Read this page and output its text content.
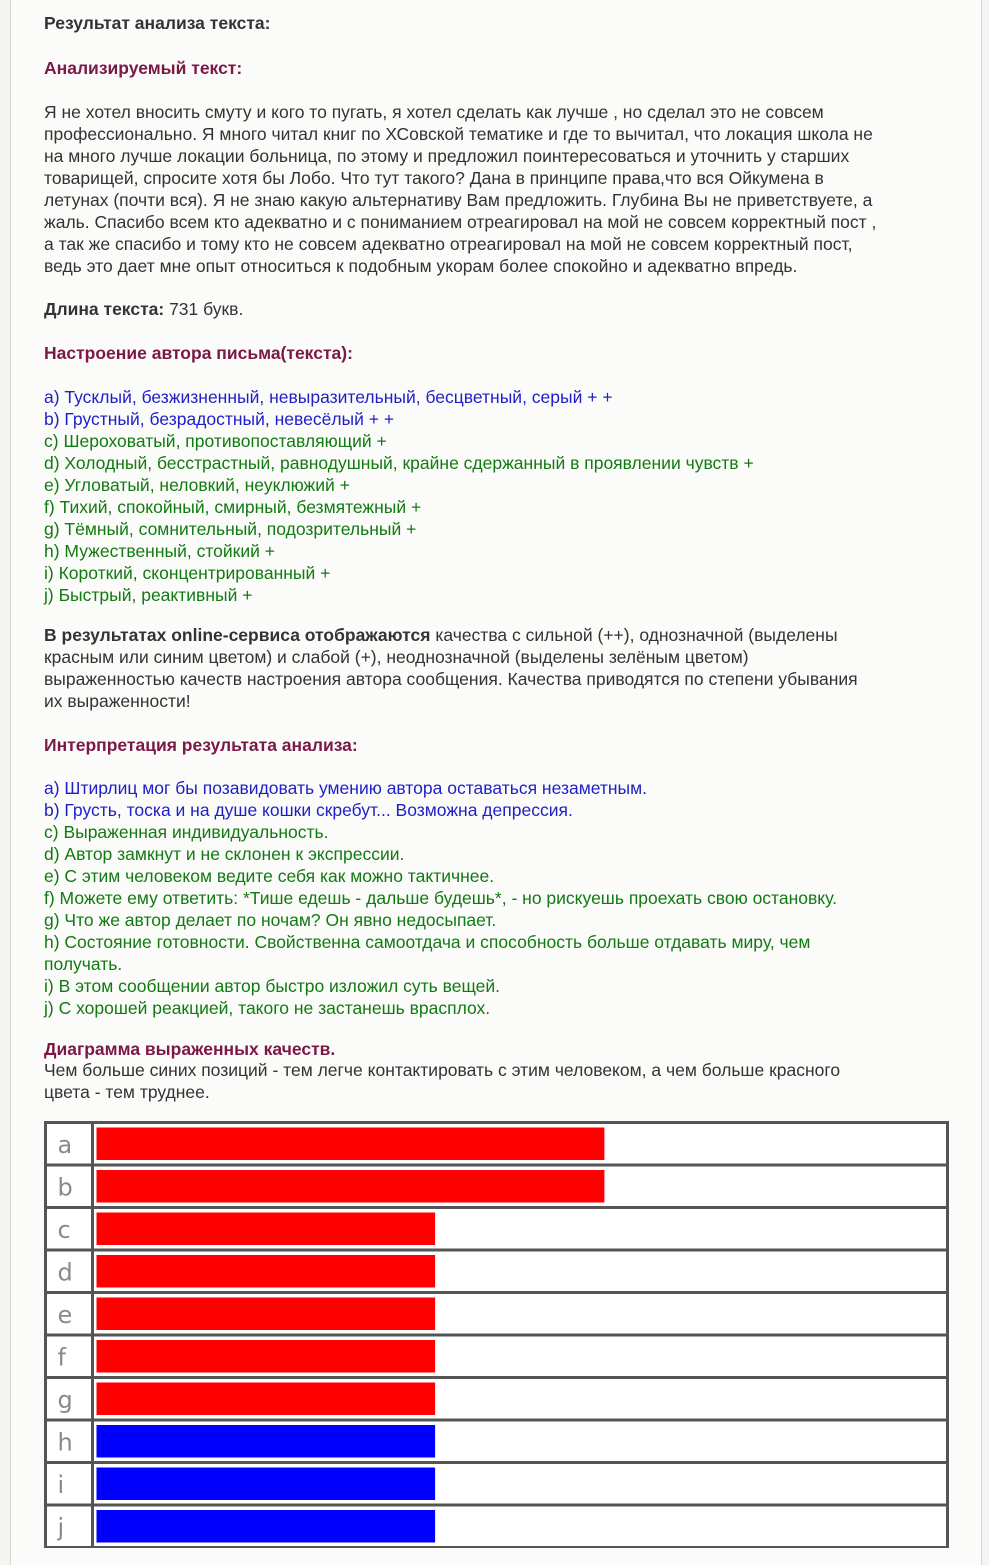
Результат анализа текста:
Анализируемый текст:
Я не хотел вносить смуту и кого то пугать, я хотел сделать как лучше , но сделал это не совсем
профессионально. Я много читал книг по ХСовской тематике и где то вычитал, что локация школа не
на много лучше локации больница, по этому и предложил поинтересоваться и уточнить у старших
товарищей, спросите хотя бы Лобо. Что тут такого? Дана в принципе права,что вся Ойкумена в
летунах (почти вся). Я не знаю какую альтернативу Вам предложить. Глубина Вы не приветствуете, а
жаль. Спасибо всем кто адекватно и с пониманием отреагировал на мой не совсем корректный пост ,
а так же спасибо и тому кто не совсем адекватно отреагировал на мой не совсем корректный пост,
ведь это дает мне опыт относиться к подобным укорам более спокойно и адекватно впредь.
Длина текста: 731 букв.
Настроение автора письма(текста):
a) Тусклый, безжизненный, невыразительный, бесцветный, серый + +
b) Грустный, безрадостный, невесёлый + +
c) Шероховатый, противопоставляющий +
d) Холодный, бесстрастный, равнодушный, крайне сдержанный в проявлении чувств +
e) Угловатый, неловкий, неуклюжий +
f) Тихий, спокойный, смирный, безмятежный +
g) Тёмный, сомнительный, подозрительный +
h) Мужественный, стойкий +
i) Короткий, сконцентрированный +
j) Быстрый, реактивный +
В результатах online-сервиса отображаются качества с сильной (++), однозначной (выделены
красным или синим цветом) и слабой (+), неоднозначной (выделены зелёным цветом)
выраженностью качеств настроения автора сообщения. Качества приводятся по степени убывания
их выраженности!
Интерпретация результата анализа:
a) Штирлиц мог бы позавидовать умению автора оставаться незаметным.
b) Грусть, тоска и на душе кошки скребут... Возможна депрессия.
c) Выраженная индивидуальность.
d) Автор замкнут и не склонен к экспрессии.
e) С этим человеком ведите себя как можно тактичнее.
f) Можете ему ответить: *Тише едешь - дальше будешь*, - но рискуешь проехать свою остановку.
g) Что же автор делает по ночам? Он явно недосыпает.
h) Состояние готовности. Свойственна самоотдача и способность больше отдавать миру, чем
получать.
i) В этом сообщении автор быстро изложил суть вещей.
j) С хорошей реакцией, такого не застанешь врасплох.
Диаграмма выраженных качеств.
Чем больше синих позиций - тем легче контактировать с этим человеком, а чем больше красного
цвета - тем труднее.
a
b
c
d
e
f
g
h
i
j
